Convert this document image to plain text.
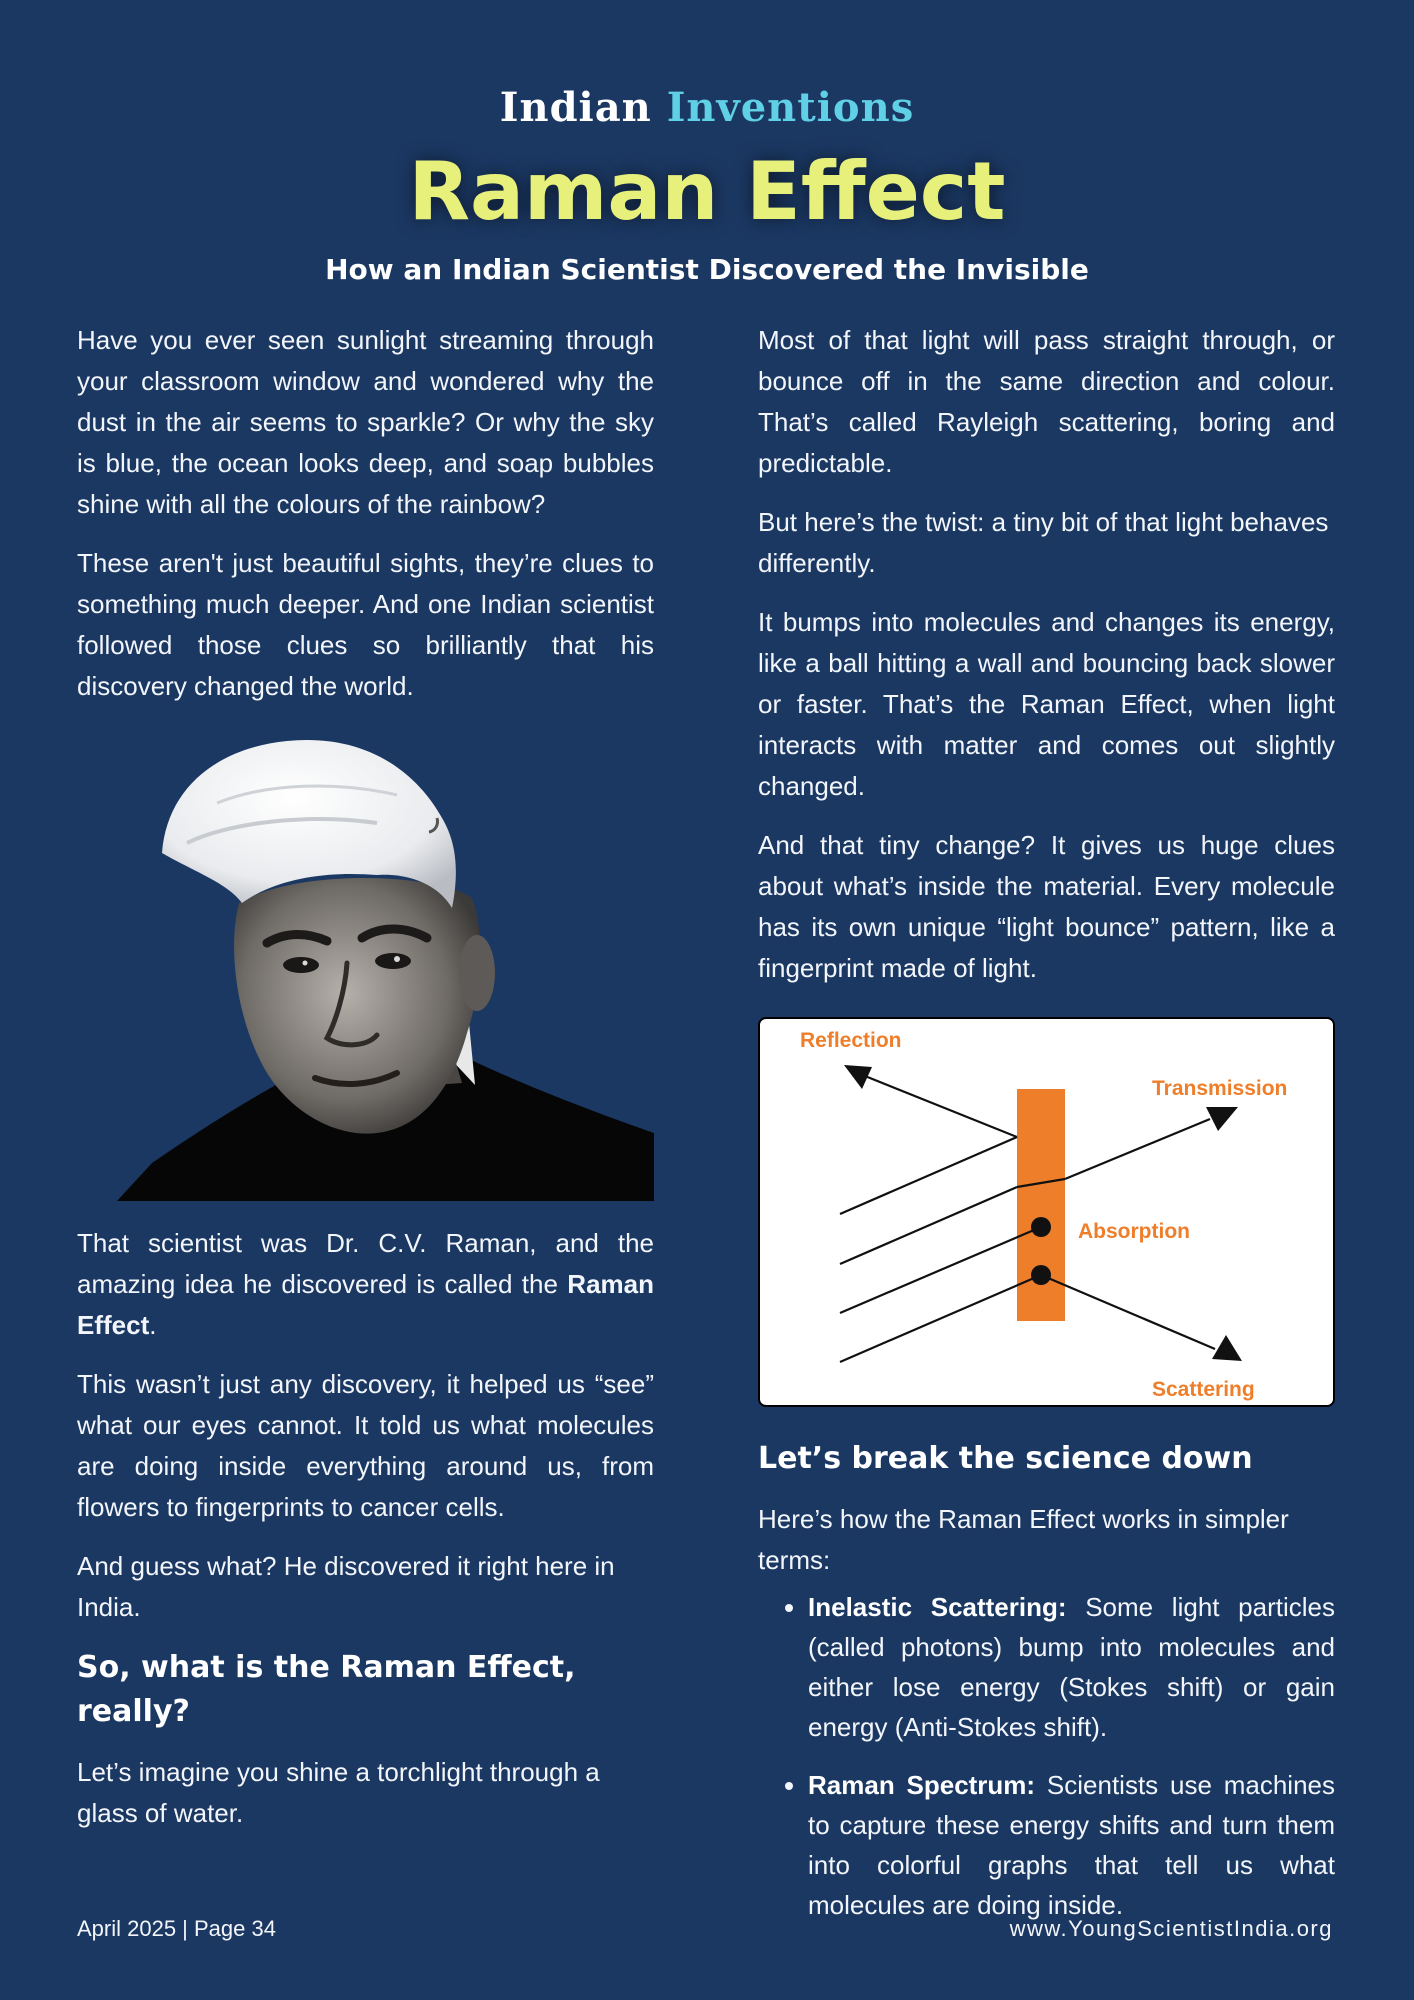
Indian Inventions
Raman Effect
How an Indian Scientist Discovered the Invisible

Have you ever seen sunlight streaming through your classroom window and wondered why the dust in the air seems to sparkle? Or why the sky is blue, the ocean looks deep, and soap bubbles shine with all the colours of the rainbow?

These aren't just beautiful sights, they’re clues to something much deeper. And one Indian scientist followed those clues so brilliantly that his discovery changed the world.

That scientist was Dr. C.V. Raman, and the amazing idea he discovered is called the Raman Effect.

This wasn’t just any discovery, it helped us “see” what our eyes cannot. It told us what molecules are doing inside everything around us, from flowers to fingerprints to cancer cells.

And guess what? He discovered it right here in India.

So, what is the Raman Effect, really?

Let’s imagine you shine a torchlight through a glass of water.

Most of that light will pass straight through, or bounce off in the same direction and colour. That’s called Rayleigh scattering, boring and predictable.

But here’s the twist: a tiny bit of that light behaves differently.

It bumps into molecules and changes its energy, like a ball hitting a wall and bouncing back slower or faster. That’s the Raman Effect, when light interacts with matter and comes out slightly changed.

And that tiny change? It gives us huge clues about what’s inside the material. Every molecule has its own unique “light bounce” pattern, like a fingerprint made of light.

Reflection
Transmission
Absorption
Scattering
Let’s break the science down

Here’s how the Raman Effect works in simpler terms:

• Inelastic Scattering: Some light particles (called photons) bump into molecules and either lose energy (Stokes shift) or gain energy (Anti-Stokes shift).
• Raman Spectrum: Scientists use machines to capture these energy shifts and turn them into colorful graphs that tell us what molecules are doing inside.
April 2025 | Page 34	www.YoungScientistIndia.org
